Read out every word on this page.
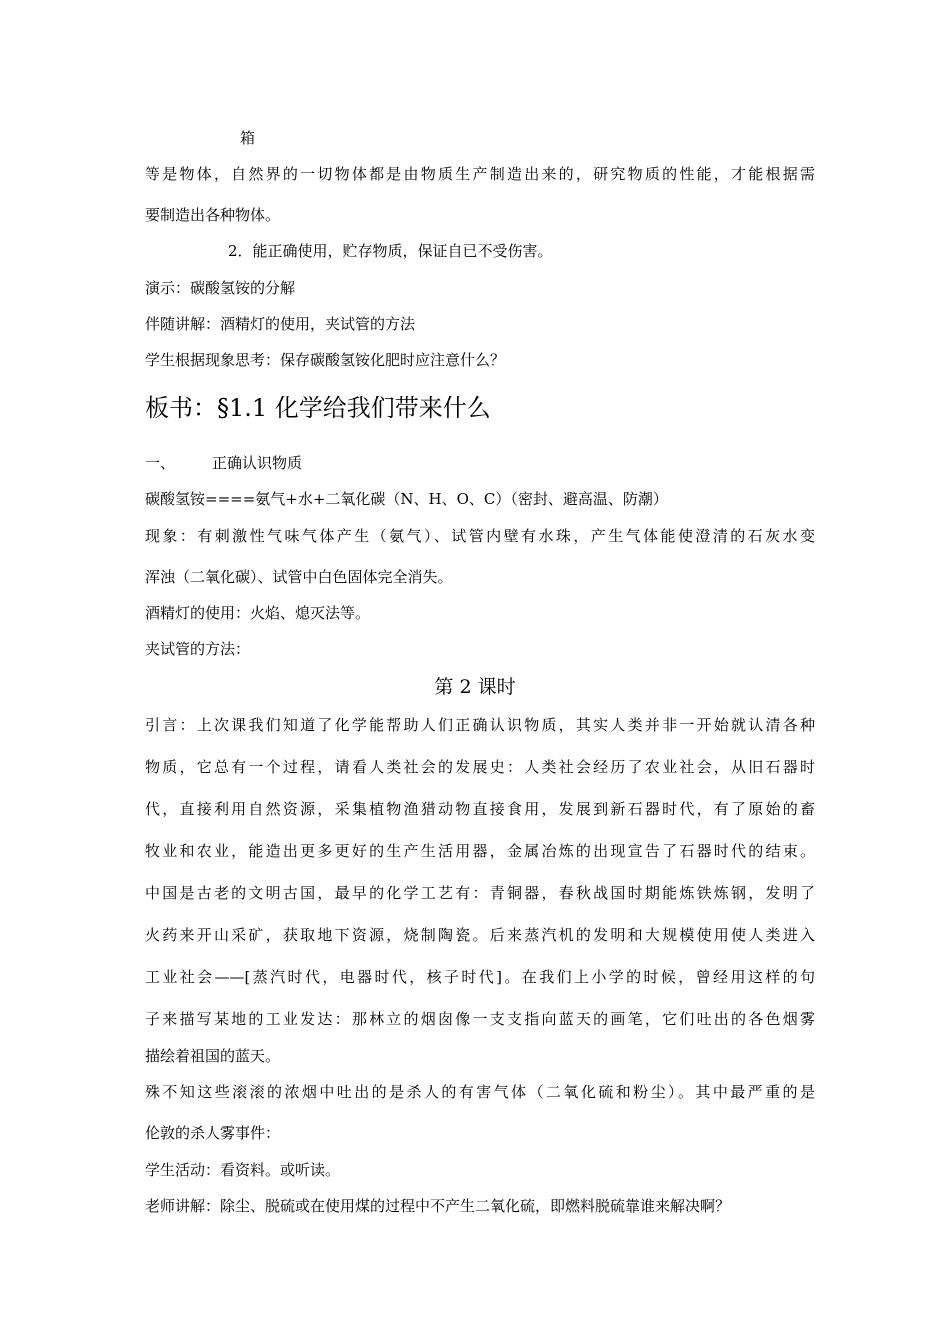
箱
等是物体，自然界的一切物体都是由物质生产制造出来的，研究物质的性能，才能根据需
要制造出各种物体。
2．能正确使用，贮存物质，保证自已不受伤害。
演示：碳酸氢铵的分解
伴随讲解：酒精灯的使用，夹试管的方法
学生根据现象思考：保存碳酸氢铵化肥时应注意什么？
板书：§1.1 化学给我们带来什么
一、 正确认识物质
碳酸氢铵====氨气+水+二氧化碳（N、H、O、C）（密封、避高温、防潮）
现象：有刺激性气味气体产生（氨气）、试管内壁有水珠，产生气体能使澄清的石灰水变
浑浊（二氧化碳）、试管中白色固体完全消失。
酒精灯的使用：火焰、熄灭法等。
夹试管的方法：
第 2 课时
引言：上次课我们知道了化学能帮助人们正确认识物质，其实人类并非一开始就认清各种
物质，它总有一个过程，请看人类社会的发展史：人类社会经历了农业社会，从旧石器时
代，直接利用自然资源，采集植物渔猎动物直接食用，发展到新石器时代，有了原始的畜
牧业和农业，能造出更多更好的生产生活用器，金属冶炼的出现宣告了石器时代的结束。
中国是古老的文明古国，最早的化学工艺有：青铜器，春秋战国时期能炼铁炼钢，发明了
火药来开山采矿，获取地下资源，烧制陶瓷。后来蒸汽机的发明和大规模使用使人类进入
工业社会——[蒸汽时代，电器时代，核子时代]。在我们上小学的时候，曾经用这样的句
子来描写某地的工业发达：那林立的烟囱像一支支指向蓝天的画笔，它们吐出的各色烟雾
描绘着祖国的蓝天。
殊不知这些滚滚的浓烟中吐出的是杀人的有害气体（二氧化硫和粉尘）。其中最严重的是
伦敦的杀人雾事件：
学生活动：看资料。或听读。
老师讲解：除尘、脱硫或在使用煤的过程中不产生二氧化硫，即燃料脱硫靠谁来解决啊？
